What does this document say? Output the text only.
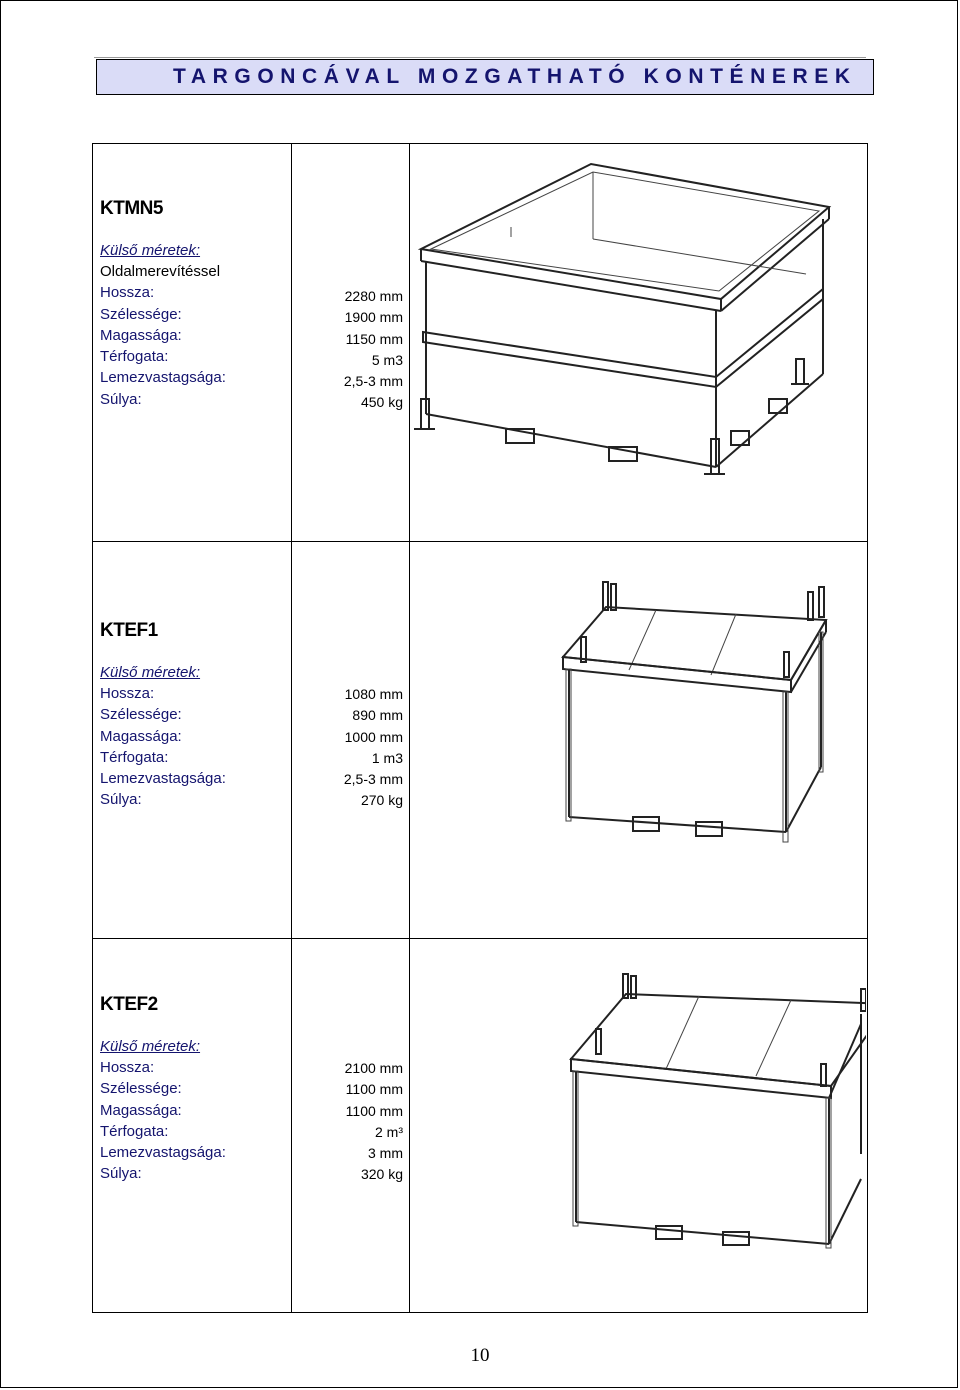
TARGONCÁVAL MOZGATHATÓ KONTÉNEREK
KTMN5
Külső méretek:
Oldalmerevítéssel
Hossza:
Szélessége:
Magassága:
Térfogata:
Lemezvastagsága:
Súlya:
2280 mm
1900 mm
1150 mm
5 m3
2,5-3 mm
450 kg
KTEF1
Külső méretek:
Hossza:
Szélessége:
Magassága:
Térfogata:
Lemezvastagsága:
Súlya:
1080 mm
890 mm
1000 mm
1 m3
2,5-3 mm
270 kg
KTEF2
Külső méretek:
Hossza:
Szélessége:
Magassága:
Térfogata:
Lemezvastagsága:
Súlya:
2100 mm
1100 mm
1100 mm
2 m³
3 mm
320 kg
10
